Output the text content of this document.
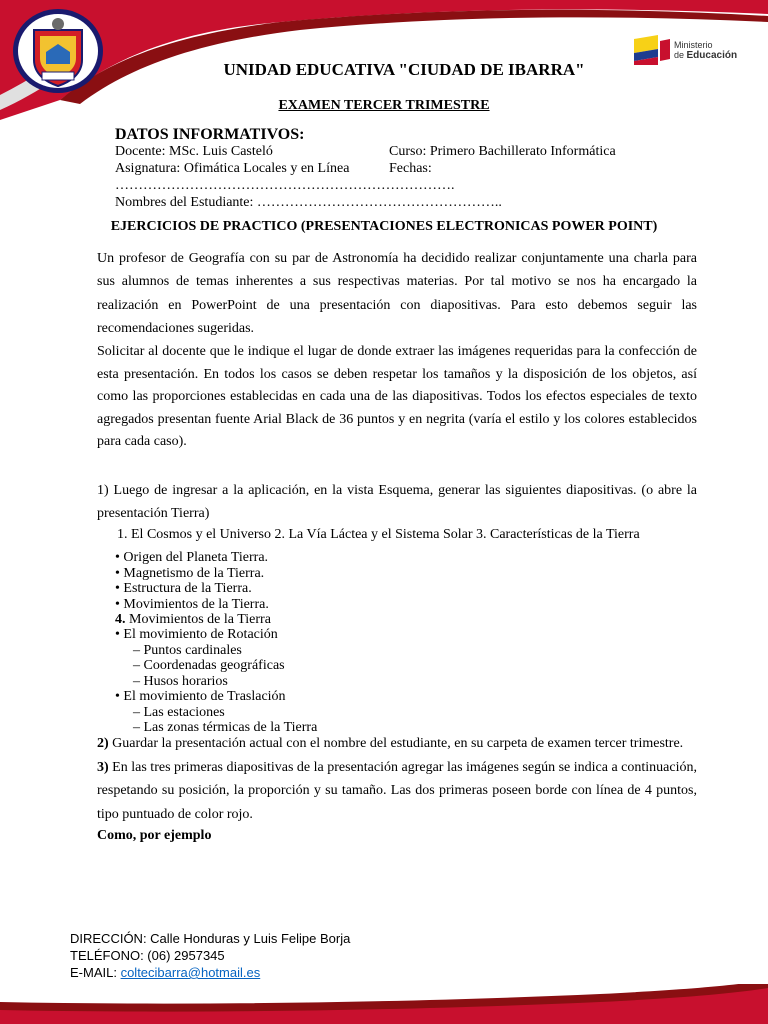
Ministerio
de Educación
UNIDAD EDUCATIVA "CIUDAD DE IBARRA"
EXAMEN TERCER TRIMESTRE
DATOS INFORMATIVOS:
Docente: MSc. Luis Casteló	Curso: Primero Bachillerato Informática
Asignatura: Ofimática Locales y en Línea	Fechas:
……………………………………………………………….
Nombres del Estudiante: ……………………………………………..
EJERCICIOS DE PRACTICO (PRESENTACIONES ELECTRONICAS POWER POINT)
Un profesor de Geografía con su par de Astronomía ha decidido realizar conjuntamente una charla para sus alumnos de temas inherentes a sus respectivas materias. Por tal motivo se nos ha encargado la realización en PowerPoint de una presentación con diapositivas. Para esto debemos seguir las recomendaciones sugeridas.
Solicitar al docente que le indique el lugar de donde extraer las imágenes requeridas para la confección de esta presentación. En todos los casos se deben respetar los tamaños y la disposición de los objetos, así como las proporciones establecidas en cada una de las diapositivas. Todos los efectos especiales de texto agregados presentan fuente Arial Black de 36 puntos y en negrita (varía el estilo y los colores establecidos para cada caso).
1) Luego de ingresar a la aplicación, en la vista Esquema, generar las siguientes diapositivas. (o abre la presentación Tierra)
1. El Cosmos y el Universo 2. La Vía Láctea y el Sistema Solar 3. Características de la Tierra
• Origen del Planeta Tierra.
• Magnetismo de la Tierra.
• Estructura de la Tierra.
• Movimientos de la Tierra.
4. Movimientos de la Tierra
• El movimiento de Rotación
– Puntos cardinales
– Coordenadas geográficas
– Husos horarios
• El movimiento de Traslación
– Las estaciones
– Las zonas térmicas de la Tierra
2) Guardar la presentación actual con el nombre del estudiante, en su carpeta de examen tercer trimestre.
3) En las tres primeras diapositivas de la presentación agregar las imágenes según se indica a continuación, respetando su posición, la proporción y su tamaño. Las dos primeras poseen borde con línea de 4 puntos, tipo puntuado de color rojo.
Como, por ejemplo
DIRECCIÓN: Calle Honduras y Luis Felipe Borja
TELÉFONO: (06) 2957345
E-MAIL: coltecibarra@hotmail.es
